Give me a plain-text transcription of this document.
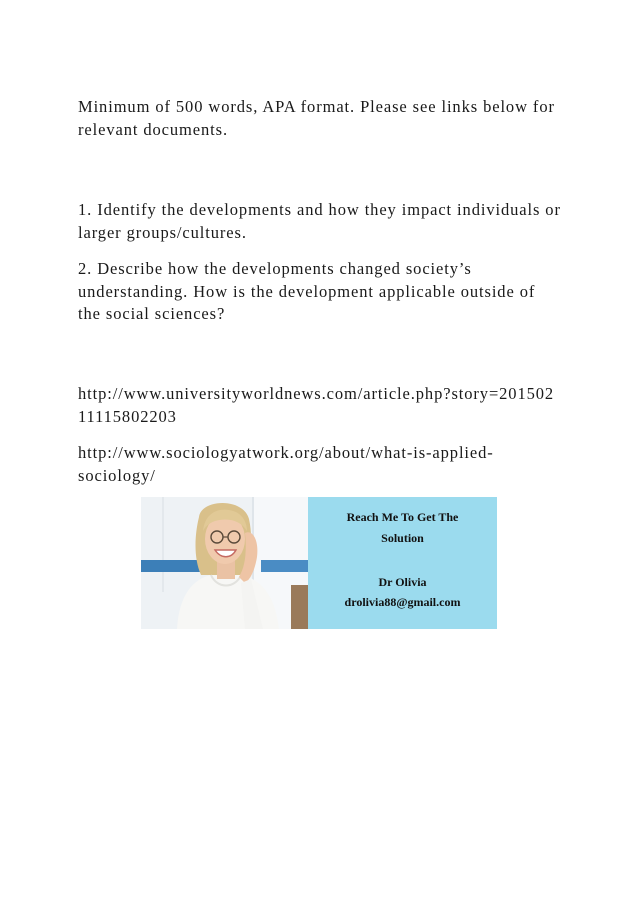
Minimum of 500 words, APA format. Please see links below for
relevant documents.

1. Identify the developments and how they impact individuals or
larger groups/cultures.

2. Describe how the developments changed society’s
understanding. How is the development applicable outside of
the social sciences?

http://www.universityworldnews.com/article.php?story=201502
11115802203

http://www.sociologyatwork.org/about/what-is-applied-
sociology/

Reach Me To Get The
Solution
Dr Olivia
drolivia88@gmail.com
